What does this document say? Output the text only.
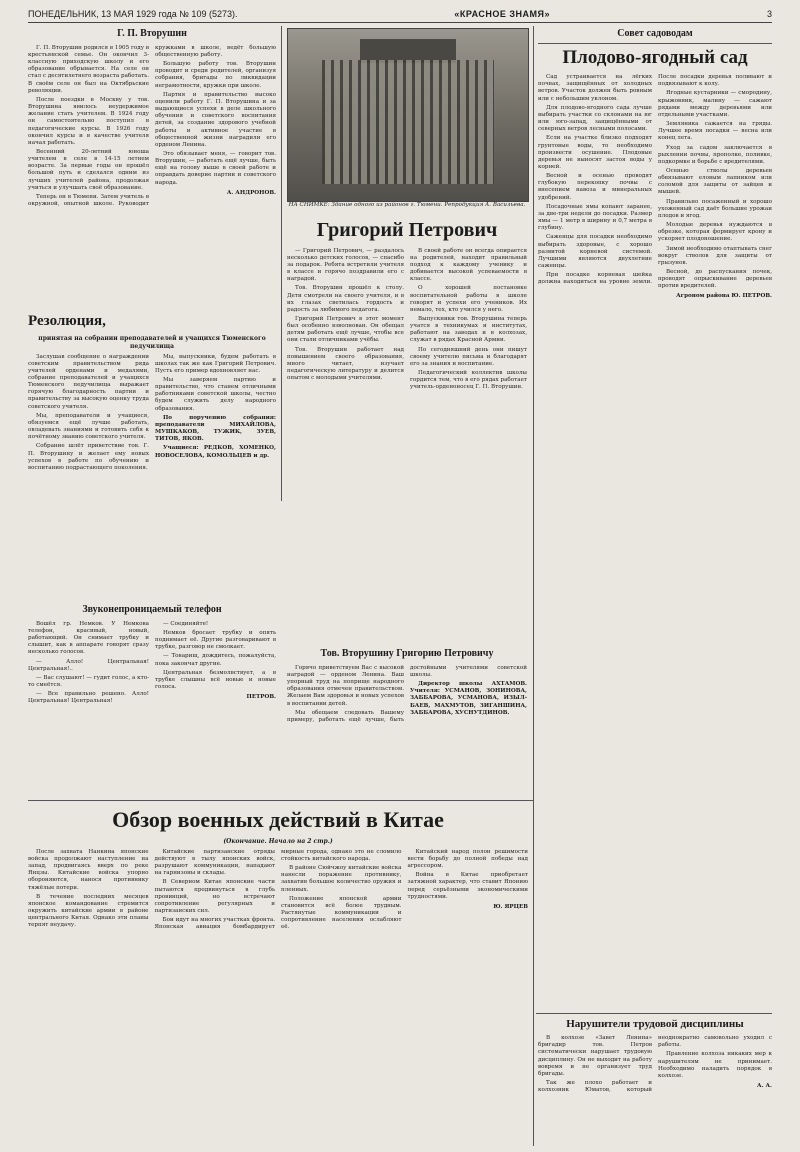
ПОНЕДЕЛЬНИК, 13 МАЯ 1929 года № 109 (5273).	«КРАСНОЕ ЗНАМЯ»	3
Г. П. Вторушин

Г. П. Вторушин родился в 1905 году в крестьянской семье. Он окончил 3-классную приходскую школу и его образование обрывается. На селе он стал с десятилетнего возраста работать. В своём селе он был на Октябрьские революции.

После поездки в Москву у тов. Вторушина явилось неудержимое желание стать учителем. В 1924 году он самостоятельно поступил в педагогические курсы. В 1926 году окончил курсы и в качестве учителя начал работать.

Весенний 20-летний юноша учителем в селе в 14-15 летнем возрасте. За первые годы он прошёл большой путь и сделался одним из лучших учителей района, продолжая учиться и улучшать своё образование.

Теперь он в Тюмени. Затем учитель в окружной, опытной школе. Руководит кружками в школе, ведёт большую общественную работу.

Большую работу тов. Вторушин проводит и среди родителей, организуя собрания, бригады по ликвидации неграмотности, кружки при школе.

Партия и правительство высоко оценили работу Г. П. Вторушина и за выдающиеся успехи в деле школьного обучения и советского воспитания детей, за создание здорового учебной работы и активное участие в общественной жизни наградили его орденом Ленина.

Это обязывает меня, — говорит тов. Вторушин, — работать ещё лучше, быть ещё на голову выше в своей работе и оправдать доверие партии и советского народа.

А. АНДРОНОВ.
НА СНИМКЕ: Здание одного из районов г. Тюмени. Репродукция А. Васильева.
Григорий Петрович

— Григорий Петрович, — раздалось несколько детских голосов, — спасибо за подарок. Ребята встретили учителя в классе и горячо поздравили его с наградой.

Тов. Вторушин прошёл к столу. Дети смотрели на своего учителя, и в их глазах светилась гордость и радость за любимого педагога.

Григорий Петрович в этот момент был особенно взволнован. Он обещал детям работать ещё лучше, чтобы все они стали отличниками учёбы.

Тов. Вторушин работает над повышением своего образования, много читает, изучает педагогическую литературу и делится опытом с молодыми учителями.

В своей работе он всегда опирается на родителей, находит правильный подход к каждому ученику и добивается высокой успеваемости в классе.

О хорошей постановке воспитательной работы в школе говорят и успехи его учеников. Их немало, тех, кто учился у него.

Выпускники тов. Вторушина теперь учатся в техникумах и институтах, работают на заводах и в колхозах, служат в рядах Красной Армии.

По сегодняшний день они пишут своему учителю письма и благодарят его за знания и воспитание.

Педагогический коллектив школы гордится тем, что в его рядах работает учитель-орденоносец Г. П. Вторушин.

Резолюция,
принятая на собрании преподавателей и учащихся Тюменского педучилища

Заслушав сообщение о награждении советским правительством ряда учителей орденами и медалями, собрание преподавателей и учащихся Тюменского педучилища выражает горячую благодарность партии и правительству за высокую оценку труда советского учителя.

Мы, преподаватели и учащиеся, обязуемся ещё лучше работать, овладевать знаниями и готовить себя к почётному званию советского учителя.

Собрание шлёт приветствие тов. Г. П. Вторушину и желает ему новых успехов в работе по обучению и воспитанию подрастающего поколения.

Мы, выпускники, будем работать в школах так же как Григорий Петрович. Пусть его пример вдохновляет нас.

Мы заверяем партию и правительство, что станем отличными работниками советской школы, честно будем служить делу народного образования.

По поручению собрания: преподаватели МИХАЙЛОВА, МУШКАКОВ, ТУЖИК, ЗУЕВ, ТИТОВ, ЯКОВ.

Учащиеся: РЕДКОВ, ХОМЕНКО, НОВОСЕЛОВА, КОМОЛЬЦЕВ и др.

Звуконепроницаемый телефон

Вошёл гр. Немков. У Немкова телефон, красивый, новый, работающий. Он снимает трубку и слышит, как в аппарате говорят сразу несколько голосов.

— Алло! Центральная! Центральная!..

— Вас слушают! — гудит голос, а кто-то смеётся.

— Все правильно решено. Алло! Центральная! Центральная!

— Соединяйте!

Немков бросает трубку и опять поднимает её. Другие разговаривают в трубке, разговор не смолкает.

— Товарищ, дождитесь, пожалуйста, пока закончат другие.

Центральная безмолвствует, а в трубке слышны всё новые и новые голоса.

ПЕТРОВ.
Тов. Вторушину Григорию Петровичу

Горячо приветствуем Вас с высокой наградой — орденом Ленина. Ваш упорный труд на поприще народного образования отмечен правительством. Желаем Вам здоровья и новых успехов в воспитании детей.

Мы обещаем следовать Вашему примеру, работать ещё лучше, быть достойными учителями советской школы.

Директор школы АХТАМОВ. Учителя: УСМАНОВ, ЗОНИНОВА, ЗАББАРОВА, УСМАНОВА, ИЗЫЛ-БАЕВ, МАХМУТОВ, ЗИГАНШИНА, ЗАББАРОВА, ХУСНУТДИНОВ.

Обзор военных действий в Китае
(Окончание. Начало на 2 стр.)

После захвата Нанкина японские войска продолжают наступление на запад, продвигаясь вверх по реке Янцзы. Китайские войска упорно обороняются, нанося противнику тяжёлые потери.

В течение последних месяцев японское командование стремится окружить китайские армии в районе центрального Китая. Однако эти планы терпят неудачу.

Китайские партизанские отряды действуют в тылу японских войск, разрушают коммуникации, нападают на гарнизоны и склады.

В Северном Китае японские части пытаются продвинуться в глубь провинций, но встречают сопротивление регулярных и партизанских сил.

Бои идут на многих участках фронта. Японская авиация бомбардирует мирные города, однако это не сломило стойкость китайского народа.

В районе Сюйчжоу китайские войска нанесли поражение противнику, захватив большое количество оружия и пленных.

Положение японской армии становится всё более трудным. Растянутые коммуникации и сопротивление населения ослабляют её.

Китайский народ полон решимости вести борьбу до полной победы над агрессором.

Война в Китае приобретает затяжной характер, что ставит Японию перед серьёзными экономическими трудностями.

Ю. ЯРЦЕВ
Совет садоводам
Плодово-ягодный сад

Сад устраивается на лёгких почвах, защищённых от холодных ветров. Участок должен быть ровным или с небольшим уклоном.

Для плодово-ягодного сада лучше выбирать участки со склонами на юг или юго-запад, защищёнными от северных ветров лесными полосами.

Если на участке близко подходят грунтовые воды, то необходимо произвести осушение. Плодовые деревья не выносят застоя воды у корней.

Весной и осенью проводят глубокую перекопку почвы с внесением навоза и минеральных удобрений.

Посадочные ямы копают заранее, за две-три недели до посадки. Размер ямы — 1 метр в ширину и 0,7 метра в глубину.

Саженцы для посадки необходимо выбирать здоровые, с хорошо развитой корневой системой. Лучшими являются двухлетние саженцы.

При посадке корневая шейка должна находиться на уровне земли. После посадки деревья поливают и подвязывают к колу.

Ягодные кустарники — смородину, крыжовник, малину — сажают рядами между деревьями или отдельными участками.

Земляника сажается на гряды. Лучшее время посадки — весна или конец лета.

Уход за садом заключается в рыхлении почвы, прополке, поливке, подкормке и борьбе с вредителями.

Осенью стволы деревьев обвязывают еловым лапником или соломой для защиты от зайцев и мышей.

Правильно посаженный и хорошо ухоженный сад даёт большие урожаи плодов и ягод.

Молодые деревья нуждаются в обрезке, которая формирует крону и ускоряет плодоношение.

Зимой необходимо отаптывать снег вокруг стволов для защиты от грызунов.

Весной, до распускания почек, проводят опрыскивание деревьев против вредителей.

Агроном района Ю. ПЕТРОВ.
Нарушители трудовой дисциплины

В колхозе «Завет Ленина» бригадир тов. Петров систематически нарушает трудовую дисциплину. Он не выходит на работу вовремя и не организует труд бригады.

Так же плохо работает и колхозник Юматов, который неоднократно самовольно уходил с работы.

Правление колхоза никаких мер к нарушителям не принимает. Необходимо наладить порядок в колхозе.

А. А.
